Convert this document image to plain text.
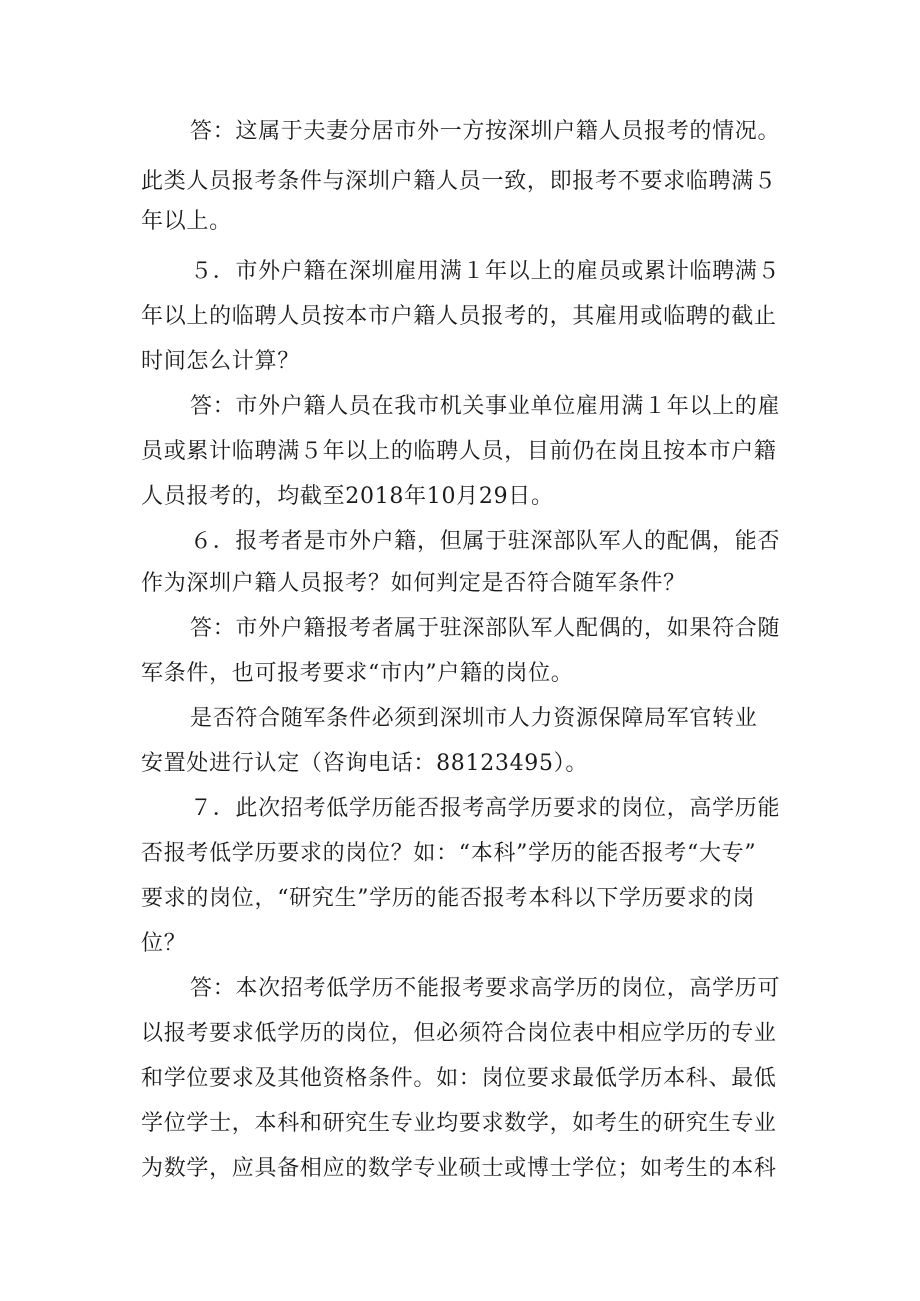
答：这属于夫妻分居市外一方按深圳户籍人员报考的情况。
此类人员报考条件与深圳户籍人员一致，即报考不要求临聘满５
年以上。
５．市外户籍在深圳雇用满１年以上的雇员或累计临聘满５
年以上的临聘人员按本市户籍人员报考的，其雇用或临聘的截止
时间怎么计算？
答：市外户籍人员在我市机关事业单位雇用满１年以上的雇
员或累计临聘满５年以上的临聘人员，目前仍在岗且按本市户籍
人员报考的，均截至2018年10月29日。
６．报考者是市外户籍，但属于驻深部队军人的配偶，能否
作为深圳户籍人员报考？如何判定是否符合随军条件？
答：市外户籍报考者属于驻深部队军人配偶的，如果符合随
军条件，也可报考要求“市内”户籍的岗位。
是否符合随军条件必须到深圳市人力资源保障局军官转业
安置处进行认定（咨询电话：88123495）。
７．此次招考低学历能否报考高学历要求的岗位，高学历能
否报考低学历要求的岗位？如：“本科”学历的能否报考“大专”
要求的岗位，“研究生”学历的能否报考本科以下学历要求的岗
位？
答：本次招考低学历不能报考要求高学历的岗位，高学历可
以报考要求低学历的岗位，但必须符合岗位表中相应学历的专业
和学位要求及其他资格条件。如：岗位要求最低学历本科、最低
学位学士，本科和研究生专业均要求数学，如考生的研究生专业
为数学，应具备相应的数学专业硕士或博士学位；如考生的本科
